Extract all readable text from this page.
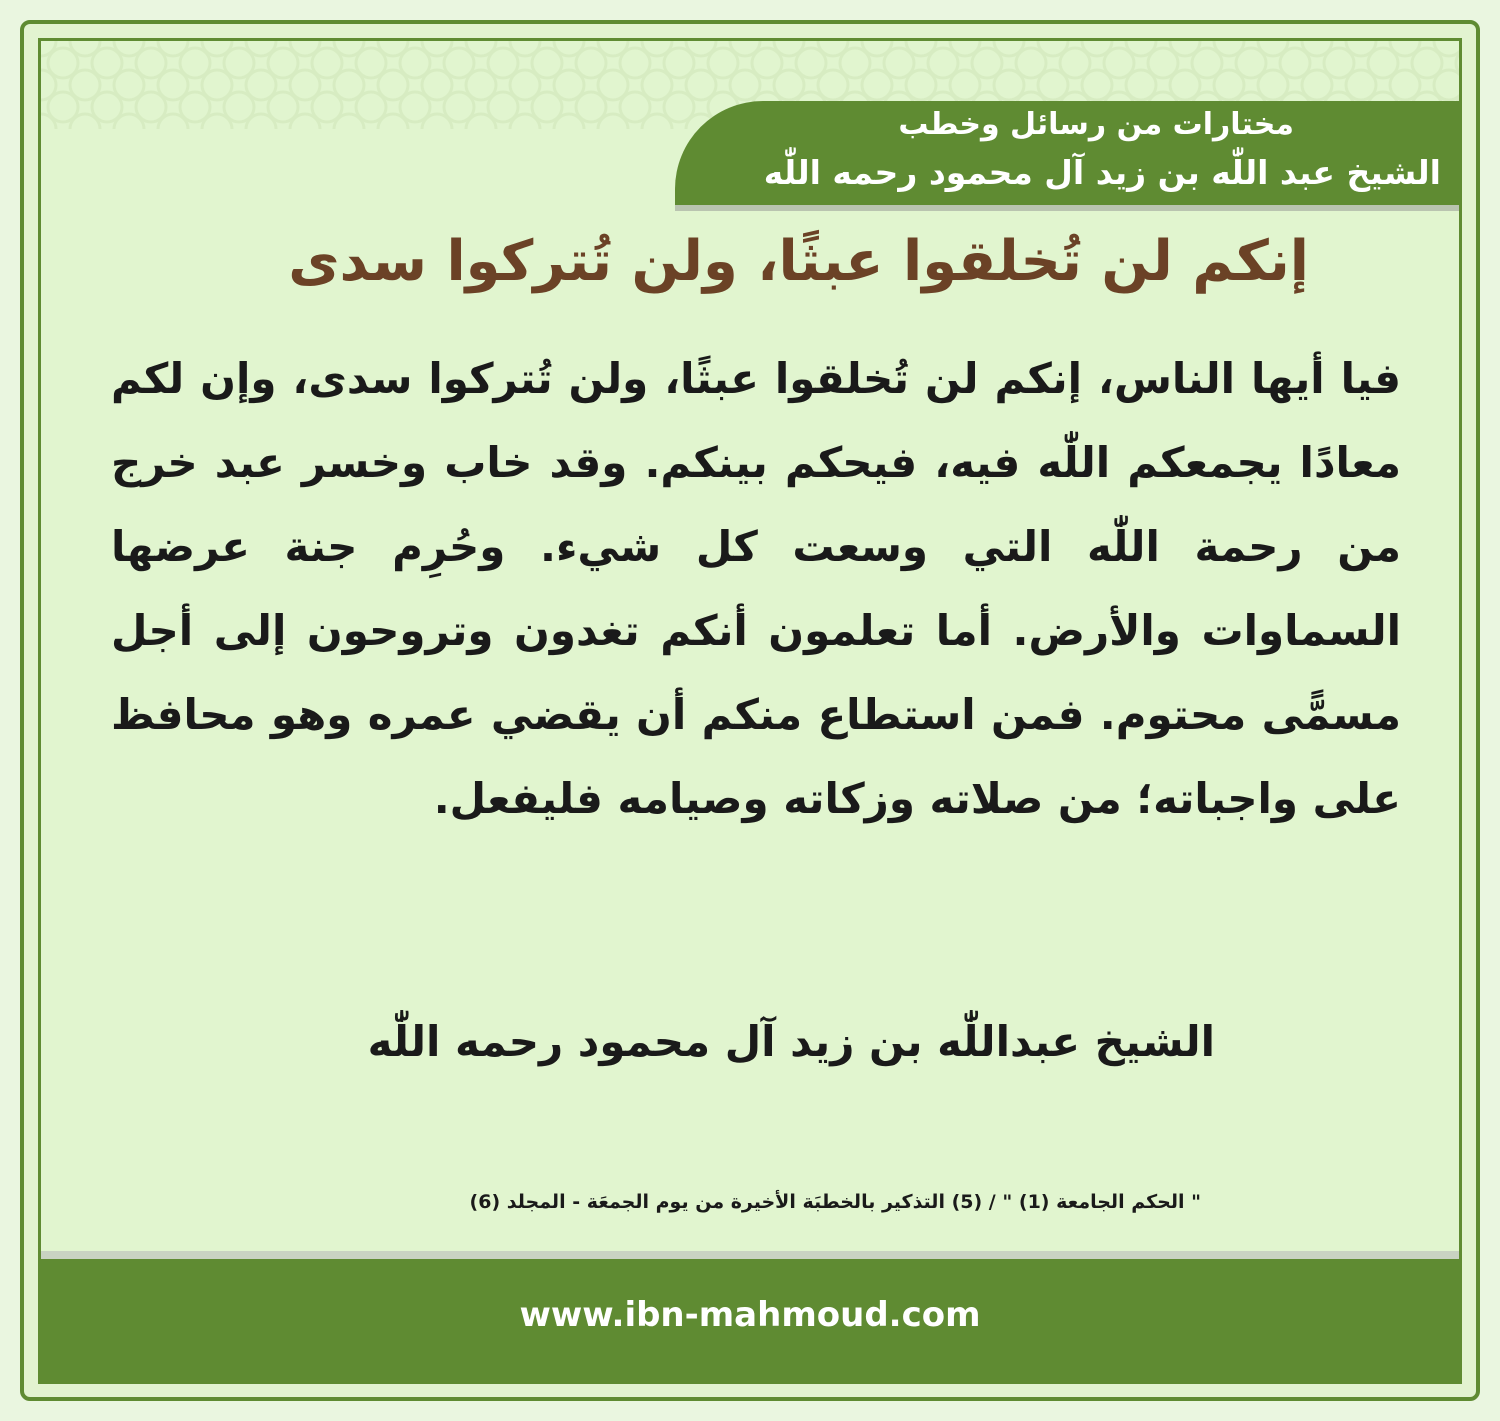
مختارات من رسائل وخطب
الشيخ عبد اللّٰه بن زيد آل محمود رحمه اللّٰه
إنكم لن تُخلقوا عبثًا، ولن تُتركوا سدى

فيا أيها الناس، إنكم لن تُخلقوا عبثًا، ولن تُتركوا سدى، وإن لكم معادًا يجمعكم اللّٰه فيه، فيحكم بينكم. وقد خاب وخسر عبد خرج من رحمة اللّٰه التي وسعت كل شيء. وحُرِم جنة عرضها السماوات والأرض. أما تعلمون أنكم تغدون وتروحون إلى أجل مسمًّى محتوم. فمن استطاع منكم أن يقضي عمره وهو محافظ على واجباته؛ من صلاته وزكاته وصيامه فليفعل.

الشيخ عبداللّٰه بن زيد آل محمود رحمه اللّٰه
" الحكم الجامعة (1) " / (5) التذكير بالخطبَة الأخيرة من يوم الجمعَة - المجلد (6)
www.ibn-mahmoud.com
